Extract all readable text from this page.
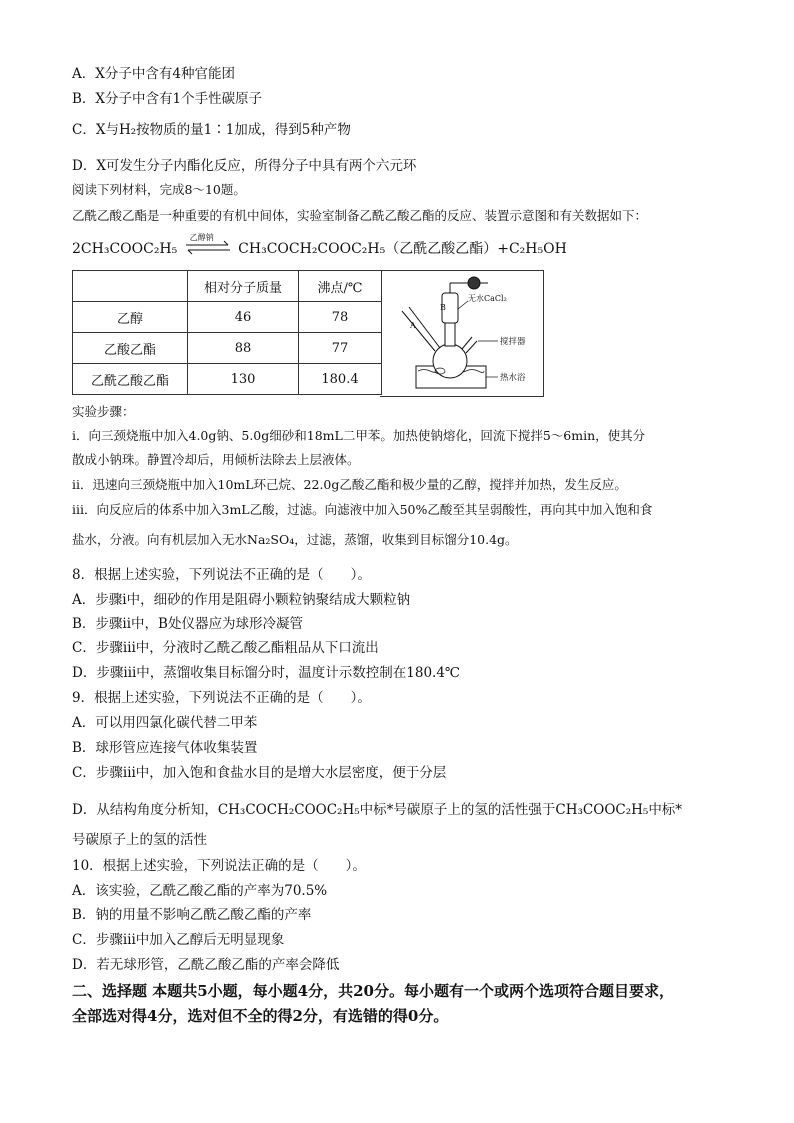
A．X分子中含有4种官能团
B．X分子中含有1个手性碳原子
C．X与H₂按物质的量1∶1加成，得到5种产物
D．X可发生分子内酯化反应，所得分子中具有两个六元环
阅读下列材料，完成8～10题。
乙酰乙酸乙酯是一种重要的有机中间体，实验室制备乙酰乙酸乙酯的反应、装置示意图和有关数据如下：
2CH₃COOC₂H₅
乙醇钠
CH₃COCH₂COOC₂H₅（乙酰乙酸乙酯）+C₂H₅OH
	相对分子质量	沸点/℃
乙醇	46	78
乙酸乙酯	88	77
乙酰乙酸乙酯	130	180.4
无水CaCl₂
B
A
搅拌器
热水浴
实验步骤：
ⅰ．向三颈烧瓶中加入4.0g钠、5.0g细砂和18mL二甲苯。加热使钠熔化，回流下搅拌5～6min，使其分
散成小钠珠。静置冷却后，用倾析法除去上层液体。
ⅱ．迅速向三颈烧瓶中加入10mL环己烷、22.0g乙酸乙酯和极少量的乙醇，搅拌并加热，发生反应。
ⅲ．向反应后的体系中加入3mL乙酸，过滤。向滤液中加入50%乙酸至其呈弱酸性，再向其中加入饱和食
盐水，分液。向有机层加入无水Na₂SO₄，过滤，蒸馏，收集到目标馏分10.4g。
8．根据上述实验，下列说法不正确的是（　　）。
A．步骤ⅰ中，细砂的作用是阻碍小颗粒钠聚结成大颗粒钠
B．步骤ⅱ中，B处仪器应为球形冷凝管
C．步骤ⅲ中，分液时乙酰乙酸乙酯粗品从下口流出
D．步骤ⅲ中，蒸馏收集目标馏分时，温度计示数控制在180.4℃
9．根据上述实验，下列说法不正确的是（　　）。
A．可以用四氯化碳代替二甲苯
B．球形管应连接气体收集装置
C．步骤ⅲ中，加入饱和食盐水目的是增大水层密度，便于分层
D．从结构角度分析知，CH₃COCH₂COOC₂H₅中标*号碳原子上的氢的活性强于CH₃COOC₂H₅中标*
号碳原子上的氢的活性
10．根据上述实验，下列说法正确的是（　　）。
A．该实验，乙酰乙酸乙酯的产率为70.5%
B．钠的用量不影响乙酰乙酸乙酯的产率
C．步骤ⅲ中加入乙醇后无明显现象
D．若无球形管，乙酰乙酸乙酯的产率会降低
二、选择题 本题共5小题，每小题4分，共20分。每小题有一个或两个选项符合题目要求，
全部选对得4分，选对但不全的得2分，有选错的得0分。
